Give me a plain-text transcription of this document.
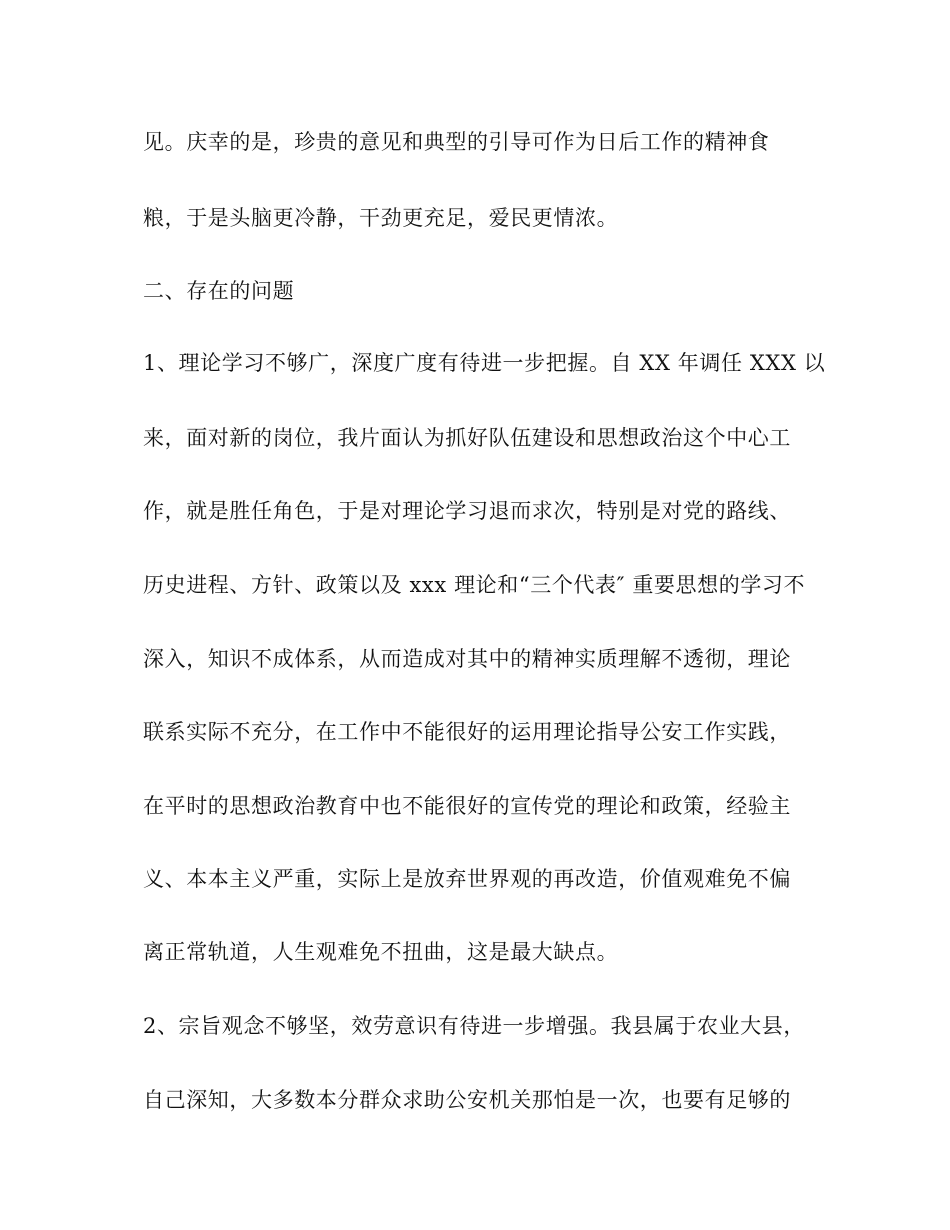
见。庆幸的是，珍贵的意见和典型的引导可作为日后工作的精神食
粮，于是头脑更冷静，干劲更充足，爱民更情浓。
二、存在的问题
1、理论学习不够广，深度广度有待进一步把握。自 XX 年调任 XXX 以
来，面对新的岗位，我片面认为抓好队伍建设和思想政治这个中心工
作，就是胜任角色，于是对理论学习退而求次，特别是对党的路线、
历史进程、方针、政策以及 xxx 理论和“三个代表″ 重要思想的学习不
深入，知识不成体系，从而造成对其中的精神实质理解不透彻，理论
联系实际不充分，在工作中不能很好的运用理论指导公安工作实践，
在平时的思想政治教育中也不能很好的宣传党的理论和政策，经验主
义、本本主义严重，实际上是放弃世界观的再改造，价值观难免不偏
离正常轨道，人生观难免不扭曲，这是最大缺点。
2、宗旨观念不够坚，效劳意识有待进一步增强。我县属于农业大县，
自己深知，大多数本分群众求助公安机关那怕是一次，也要有足够的
